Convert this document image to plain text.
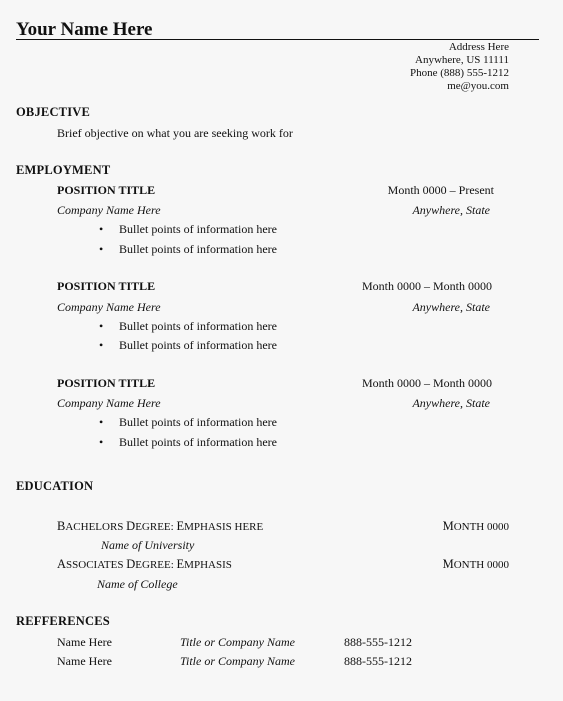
Your Name Here
Address Here
Anywhere, US 11111
Phone (888) 555-1212
me@you.com
OBJECTIVE
Brief objective on what you are seeking work for
EMPLOYMENT
POSITION TITLE	Month 0000 – Present
Company Name Here	Anywhere, State
• Bullet points of information here
• Bullet points of information here
POSITION TITLE	Month 0000 – Month 0000
Company Name Here	Anywhere, State
• Bullet points of information here
• Bullet points of information here
POSITION TITLE	Month 0000 – Month 0000
Company Name Here	Anywhere, State
• Bullet points of information here
• Bullet points of information here
EDUCATION
BACHELORS DEGREE: EMPHASIS HERE	MONTH 0000
Name of University
ASSOCIATES DEGREE: EMPHASIS	MONTH 0000
Name of College
REFFERENCES
Name Here	Title or Company Name	888-555-1212
Name Here	Title or Company Name	888-555-1212
